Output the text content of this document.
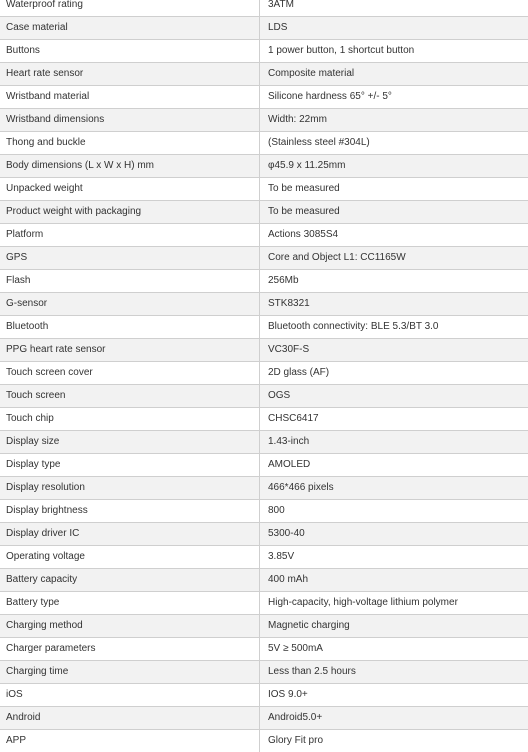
Waterproof rating	3ATM
Case material	LDS
Buttons	1 power button, 1 shortcut button
Heart rate sensor	Composite material
Wristband material	Silicone hardness 65° +/- 5°
Wristband dimensions	Width: 22mm
Thong and buckle	(Stainless steel #304L)
Body dimensions (L x W x H) mm	φ45.9 x 11.25mm
Unpacked weight	To be measured
Product weight with packaging	To be measured
Platform	Actions 3085S4
GPS	Core and Object L1: CC1165W
Flash	256Mb
G-sensor	STK8321
Bluetooth	Bluetooth connectivity: BLE 5.3/BT 3.0
PPG heart rate sensor	VC30F-S
Touch screen cover	2D glass (AF)
Touch screen	OGS
Touch chip	CHSC6417
Display size	1.43-inch
Display type	AMOLED
Display resolution	466*466 pixels
Display brightness	800
Display driver IC	5300-40
Operating voltage	3.85V
Battery capacity	400 mAh
Battery type	High-capacity, high-voltage lithium polymer
Charging method	Magnetic charging
Charger parameters	5V ≥ 500mA
Charging time	Less than 2.5 hours
iOS	IOS 9.0+
Android	Android5.0+
APP	Glory Fit pro
